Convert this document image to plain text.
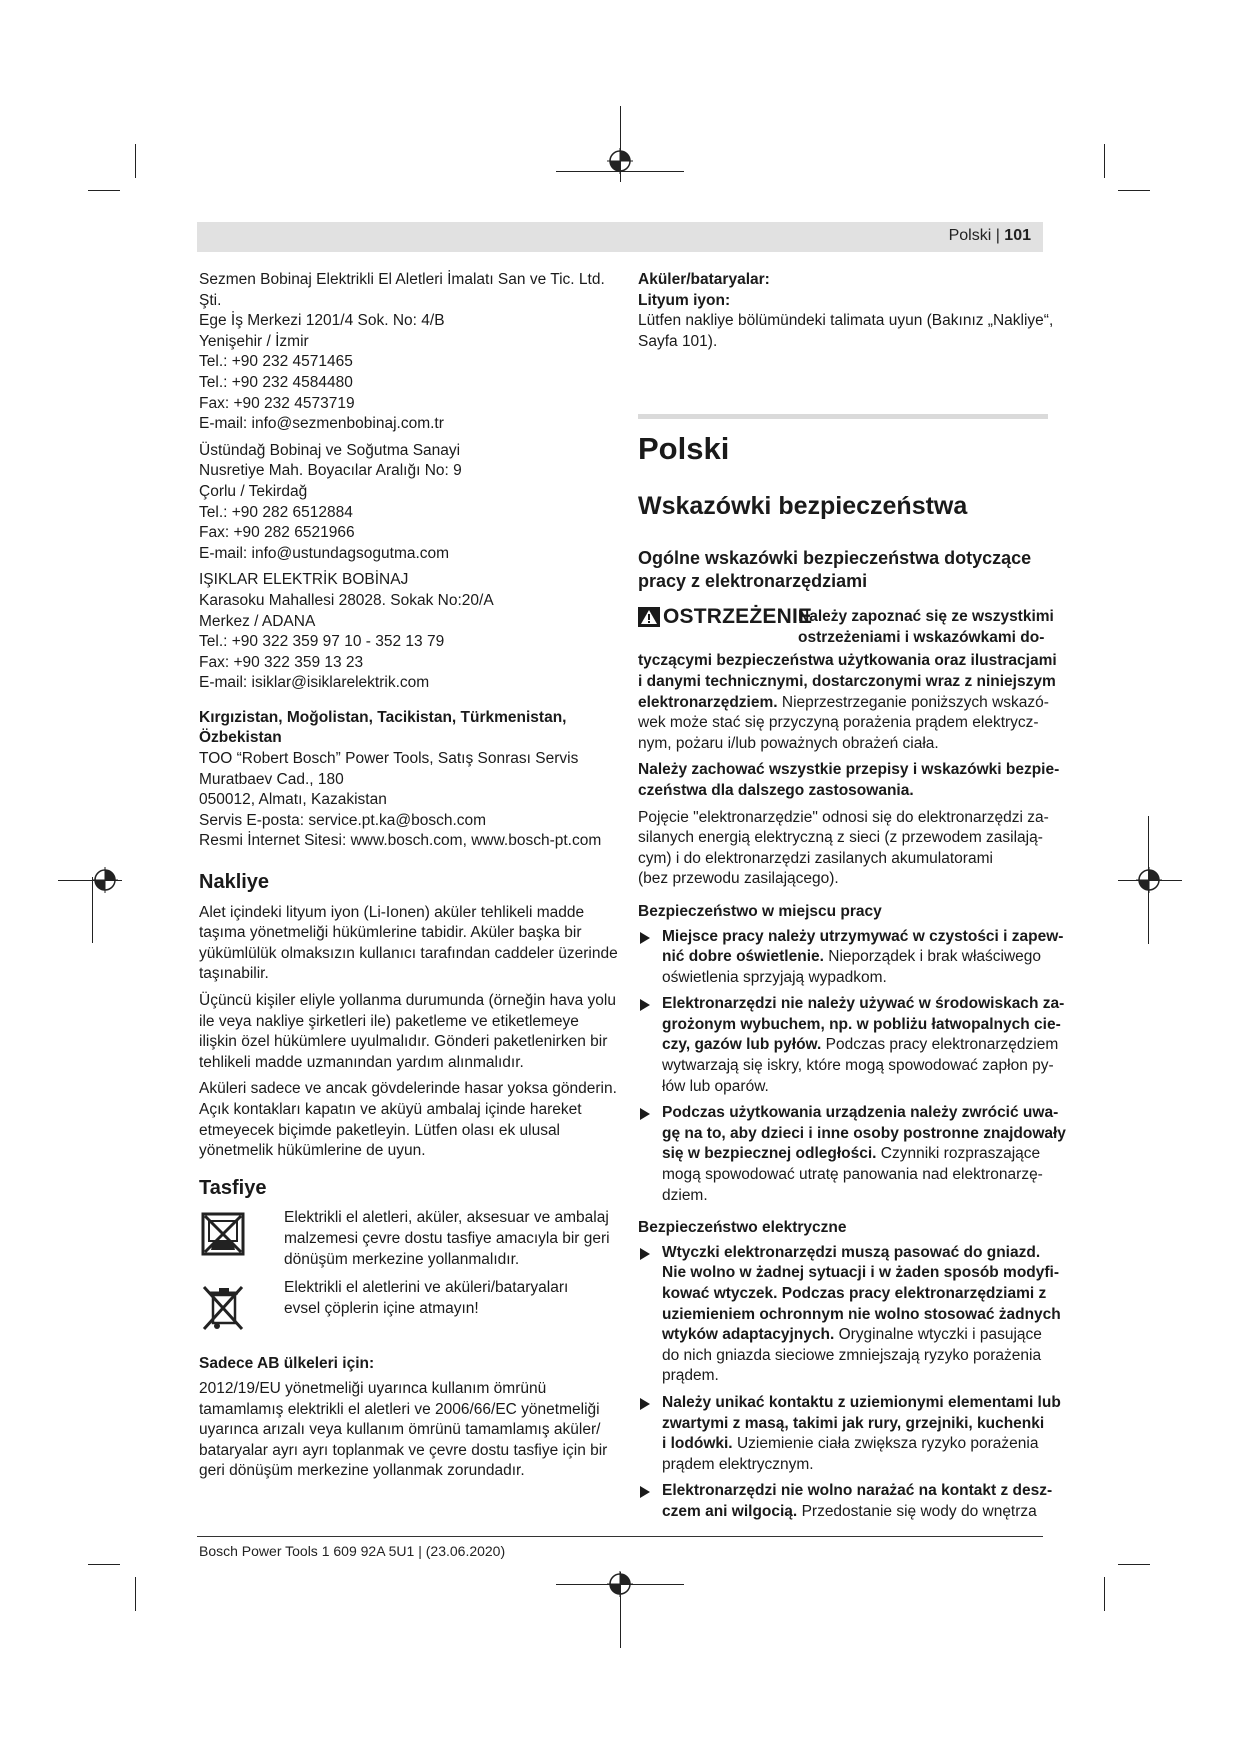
Polski | 101
Sezmen Bobinaj Elektrikli El Aletleri İmalatı San ve Tic. Ltd.
Şti.
Ege İş Merkezi 1201/4 Sok. No: 4/B
Yenişehir / İzmir
Tel.: +90 232 4571465
Tel.: +90 232 4584480
Fax: +90 232 4573719
E-mail: info@sezmenbobinaj.com.tr
Üstündağ Bobinaj ve Soğutma Sanayi
Nusretiye Mah. Boyacılar Aralığı No: 9
Çorlu / Tekirdağ
Tel.: +90 282 6512884
Fax: +90 282 6521966
E-mail: info@ustundagsogutma.com
IŞIKLAR ELEKTRİK BOBİNAJ
Karasoku Mahallesi 28028. Sokak No:20/A
Merkez / ADANA
Tel.: +90 322 359 97 10 - 352 13 79
Fax: +90 322 359 13 23
E-mail: isiklar@isiklarelektrik.com
Kırgızistan, Moğolistan, Tacikistan, Türkmenistan,
Özbekistan
TOO “Robert Bosch” Power Tools, Satış Sonrası Servis
Muratbaev Cad., 180
050012, Almatı, Kazakistan
Servis E-posta: service.pt.ka@bosch.com
Resmi İnternet Sitesi: www.bosch.com, www.bosch-pt.com
Nakliye
Alet içindeki lityum iyon (Li-Ionen) aküler tehlikeli madde
taşıma yönetmeliği hükümlerine tabidir. Aküler başka bir
yükümlülük olmaksızın kullanıcı tarafından caddeler üzerinde
taşınabilir.
Üçüncü kişiler eliyle yollanma durumunda (örneğin hava yolu
ile veya nakliye şirketleri ile) paketleme ve etiketlemeye
ilişkin özel hükümlere uyulmalıdır. Gönderi paketlenirken bir
tehlikeli madde uzmanından yardım alınmalıdır.
Aküleri sadece ve ancak gövdelerinde hasar yoksa gönderin.
Açık kontakları kapatın ve aküyü ambalaj içinde hareket
etmeyecek biçimde paketleyin. Lütfen olası ek ulusal
yönetmelik hükümlerine de uyun.
Tasfiye
Elektrikli el aletleri, aküler, aksesuar ve ambalaj
malzemesi çevre dostu tasfiye amacıyla bir geri
dönüşüm merkezine yollanmalıdır.
Elektrikli el aletlerini ve aküleri/bataryaları
evsel çöplerin içine atmayın!
Sadece AB ülkeleri için:
2012/19/EU yönetmeliği uyarınca kullanım ömrünü
tamamlamış elektrikli el aletleri ve 2006/66/EC yönetmeliği
uyarınca arızalı veya kullanım ömrünü tamamlamış aküler/
bataryalar ayrı ayrı toplanmak ve çevre dostu tasfiye için bir
geri dönüşüm merkezine yollanmak zorundadır.
Aküler/bataryalar:
Lityum iyon:
Lütfen nakliye bölümündeki talimata uyun (Bakınız „Nakliye“,
Sayfa 101).
Polski
Wskazówki bezpieczeństwa
Ogólne wskazówki bezpieczeństwa dotyczące
pracy z elektronarzędziami
OSTRZEŻENIE
Należy zapoznać się ze wszystkimi
ostrzeżeniami i wskazówkami do-
tyczącymi bezpieczeństwa użytkowania oraz ilustracjami
i danymi technicznymi, dostarczonymi wraz z niniejszym
elektronarzędziem. Nieprzestrzeganie poniższych wskazó-
wek może stać się przyczyną porażenia prądem elektrycz-
nym, pożaru i/lub poważnych obrażeń ciała.
Należy zachować wszystkie przepisy i wskazówki bezpie-
czeństwa dla dalszego zastosowania.
Pojęcie "elektronarzędzie" odnosi się do elektronarzędzi za-
silanych energią elektryczną z sieci (z przewodem zasilają-
cym) i do elektronarzędzi zasilanych akumulatorami
(bez przewodu zasilającego).
Bezpieczeństwo w miejscu pracy
Miejsce pracy należy utrzymywać w czystości i zapew-
nić dobre oświetlenie. Nieporządek i brak właściwego
oświetlenia sprzyjają wypadkom.
Elektronarzędzi nie należy używać w środowiskach za-
grożonym wybuchem, np. w pobliżu łatwopalnych cie-
czy, gazów lub pyłów. Podczas pracy elektronarzędziem
wytwarzają się iskry, które mogą spowodować zapłon py-
łów lub oparów.
Podczas użytkowania urządzenia należy zwrócić uwa-
gę na to, aby dzieci i inne osoby postronne znajdowały
się w bezpiecznej odległości. Czynniki rozpraszające
mogą spowodować utratę panowania nad elektronarzę-
dziem.
Bezpieczeństwo elektryczne
Wtyczki elektronarzędzi muszą pasować do gniazd.
Nie wolno w żadnej sytuacji i w żaden sposób modyfi-
kować wtyczek. Podczas pracy elektronarzędziami z
uziemieniem ochronnym nie wolno stosować żadnych
wtyków adaptacyjnych. Oryginalne wtyczki i pasujące
do nich gniazda sieciowe zmniejszają ryzyko porażenia
prądem.
Należy unikać kontaktu z uziemionymi elementami lub
zwartymi z masą, takimi jak rury, grzejniki, kuchenki
i lodówki. Uziemienie ciała zwiększa ryzyko porażenia
prądem elektrycznym.
Elektronarzędzi nie wolno narażać na kontakt z desz-
czem ani wilgocią. Przedostanie się wody do wnętrza
Bosch Power Tools 1 609 92A 5U1 | (23.06.2020)
